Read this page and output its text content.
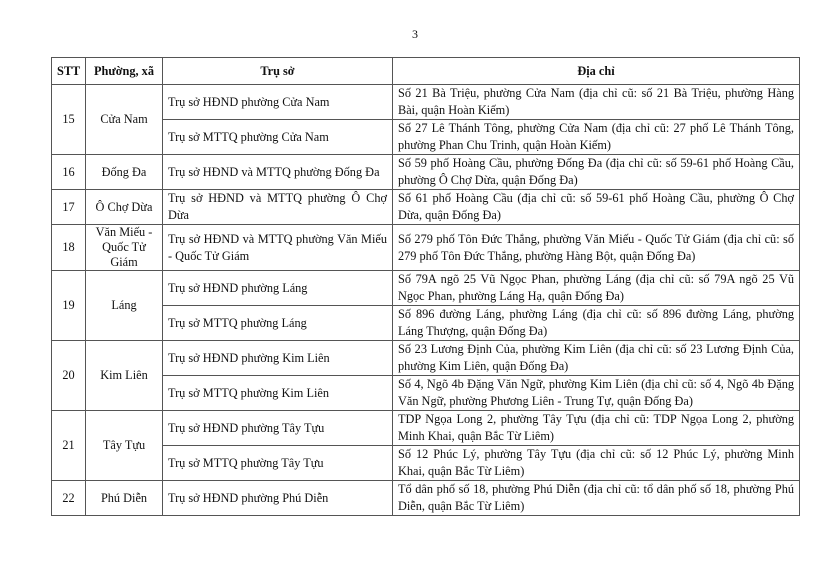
3
STT	Phường, xã	Trụ sở	Địa chỉ
15	Cửa Nam	Trụ sở HĐND phường Cửa Nam	Số 21 Bà Triệu, phường Cửa Nam (địa chỉ cũ: số 21 Bà Triệu, phường Hàng Bài, quận Hoàn Kiếm)
		Trụ sở MTTQ phường Cửa Nam	Số 27 Lê Thánh Tông, phường Cửa Nam (địa chỉ cũ: 27 phố Lê Thánh Tông, phường Phan Chu Trinh, quận Hoàn Kiếm)
16	Đống Đa	Trụ sở HĐND và MTTQ phường Đống Đa	Số 59 phố Hoàng Cầu, phường Đống Đa (địa chỉ cũ: số 59-61 phố Hoàng Cầu, phường Ô Chợ Dừa, quận Đống Đa)
17	Ô Chợ Dừa	Trụ sở HĐND và MTTQ phường Ô Chợ Dừa	Số 61 phố Hoàng Cầu (địa chỉ cũ: số 59-61 phố Hoàng Cầu, phường Ô Chợ Dừa, quận Đống Đa)
18	Văn Miếu - Quốc Tử Giám	Trụ sở HĐND và MTTQ phường Văn Miếu - Quốc Tử Giám	Số 279 phố Tôn Đức Thắng, phường Văn Miếu - Quốc Tử Giám (địa chỉ cũ: số 279 phố Tôn Đức Thắng, phường Hàng Bột, quận Đống Đa)
19	Láng	Trụ sở HĐND phường Láng	Số 79A ngõ 25 Vũ Ngọc Phan, phường Láng (địa chỉ cũ: số 79A ngõ 25 Vũ Ngọc Phan, phường Láng Hạ, quận Đống Đa)
		Trụ sở MTTQ phường Láng	Số 896 đường Láng, phường Láng (địa chỉ cũ: số 896 đường Láng, phường Láng Thượng, quận Đống Đa)
20	Kim Liên	Trụ sở HĐND phường Kim Liên	Số 23 Lương Định Của, phường Kim Liên (địa chỉ cũ: số 23 Lương Định Của, phường Kim Liên, quận Đống Đa)
		Trụ sở MTTQ phường Kim Liên	Số 4, Ngõ 4b Đặng Văn Ngữ, phường Kim Liên (địa chỉ cũ: số 4, Ngõ 4b Đặng Văn Ngữ, phường Phương Liên - Trung Tự, quận Đống Đa)
21	Tây Tựu	Trụ sở HĐND phường Tây Tựu	TDP Ngọa Long 2, phường Tây Tựu (địa chỉ cũ: TDP Ngọa Long 2, phường Minh Khai, quận Bắc Từ Liêm)
		Trụ sở MTTQ phường Tây Tựu	Số 12 Phúc Lý, phường Tây Tựu (địa chỉ cũ: số 12 Phúc Lý, phường Minh Khai, quận Bắc Từ Liêm)
22	Phú Diễn	Trụ sở HĐND phường Phú Diễn	Tổ dân phố số 18, phường Phú Diễn (địa chỉ cũ: tổ dân phố số 18, phường Phú Diễn, quận Bắc Từ Liêm)
